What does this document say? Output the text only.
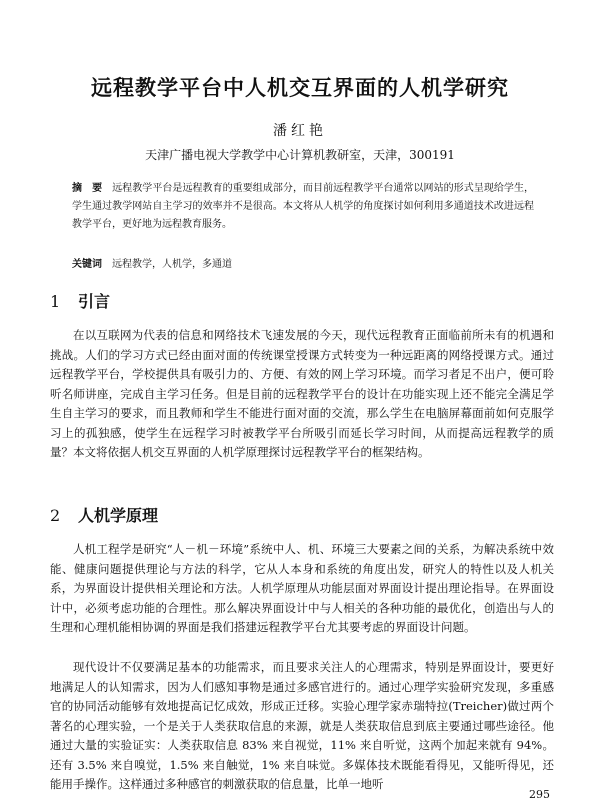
远程教学平台中人机交互界面的人机学研究
潘红艳
天津广播电视大学教学中心计算机教研室，天津，300191
摘　要 远程教学平台是远程教育的重要组成部分，而目前远程教学平台通常以网站的形式呈现给学生，学生通过教学网站自主学习的效率并不是很高。本文将从人机学的角度探讨如何利用多通道技术改进远程教学平台，更好地为远程教育服务。
关键词 远程教学，人机学，多通道
1 引言

在以互联网为代表的信息和网络技术飞速发展的今天，现代远程教育正面临前所未有的机遇和挑战。人们的学习方式已经由面对面的传统课堂授课方式转变为一种远距离的网络授课方式。通过远程教学平台，学校提供具有吸引力的、方便、有效的网上学习环境。而学习者足不出户，便可聆听名师讲座，完成自主学习任务。但是目前的远程教学平台的设计在功能实现上还不能完全满足学生自主学习的要求，而且教师和学生不能进行面对面的交流，那么学生在电脑屏幕面前如何克服学习上的孤独感，使学生在远程学习时被教学平台所吸引而延长学习时间，从而提高远程教学的质量？本文将依据人机交互界面的人机学原理探讨远程教学平台的框架结构。

2 人机学原理

人机工程学是研究“人－机－环境”系统中人、机、环境三大要素之间的关系，为解决系统中效能、健康问题提供理论与方法的科学，它从人本身和系统的角度出发，研究人的特性以及人机关系，为界面设计提供相关理论和方法。人机学原理从功能层面对界面设计提出理论指导。在界面设计中，必须考虑功能的合理性。那么解决界面设计中与人相关的各种功能的最优化，创造出与人的生理和心理机能相协调的界面是我们搭建远程教学平台尤其要考虑的界面设计问题。

现代设计不仅要满足基本的功能需求，而且要求关注人的心理需求，特别是界面设计，要更好地满足人的认知需求，因为人们感知事物是通过多感官进行的。通过心理学实验研究发现，多重感官的协同活动能够有效地提高记忆成效，形成正迁移。实验心理学家赤瑞特拉(Treicher)做过两个著名的心理实验，一个是关于人类获取信息的来源，就是人类获取信息到底主要通过哪些途径。他通过大量的实验证实：人类获取信息 83% 来自视觉，11% 来自听觉，这两个加起来就有 94%。还有 3.5% 来自嗅觉，1.5% 来自触觉，1% 来自味觉。多媒体技术既能看得见，又能听得见，还能用手操作。这样通过多种感官的刺激获取的信息量，比单一地听

295
